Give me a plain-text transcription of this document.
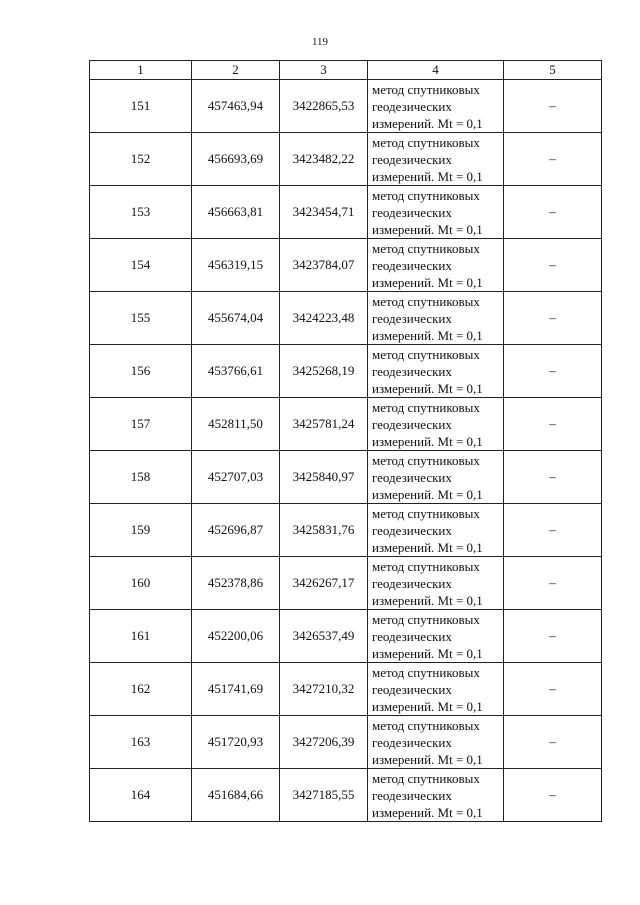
119
1	2	3	4	5
151	457463,94	3422865,53	метод спутниковых
геодезических
измерений. Mt = 0,1	–
152	456693,69	3423482,22	метод спутниковых
геодезических
измерений. Mt = 0,1	–
153	456663,81	3423454,71	метод спутниковых
геодезических
измерений. Mt = 0,1	–
154	456319,15	3423784,07	метод спутниковых
геодезических
измерений. Mt = 0,1	–
155	455674,04	3424223,48	метод спутниковых
геодезических
измерений. Mt = 0,1	–
156	453766,61	3425268,19	метод спутниковых
геодезических
измерений. Mt = 0,1	–
157	452811,50	3425781,24	метод спутниковых
геодезических
измерений. Mt = 0,1	–
158	452707,03	3425840,97	метод спутниковых
геодезических
измерений. Mt = 0,1	–
159	452696,87	3425831,76	метод спутниковых
геодезических
измерений. Mt = 0,1	–
160	452378,86	3426267,17	метод спутниковых
геодезических
измерений. Mt = 0,1	–
161	452200,06	3426537,49	метод спутниковых
геодезических
измерений. Mt = 0,1	–
162	451741,69	3427210,32	метод спутниковых
геодезических
измерений. Mt = 0,1	–
163	451720,93	3427206,39	метод спутниковых
геодезических
измерений. Mt = 0,1	–
164	451684,66	3427185,55	метод спутниковых
геодезических
измерений. Mt = 0,1	–
